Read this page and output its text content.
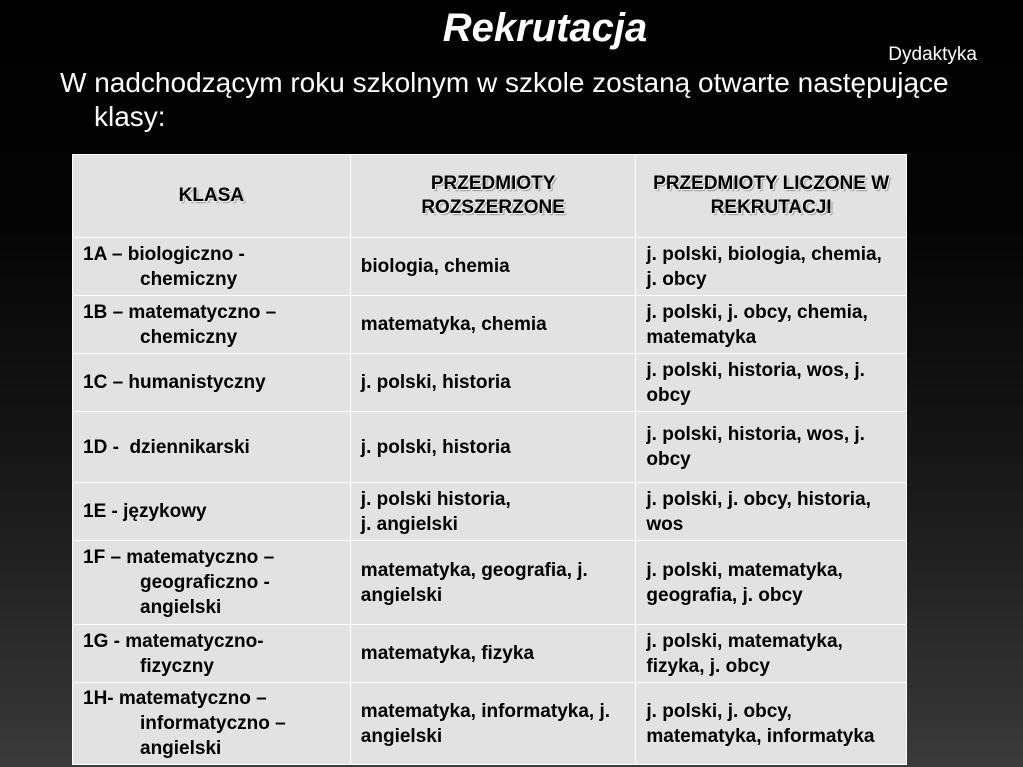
Rekrutacja
Dydaktyka
W nadchodzącym roku szkolnym w szkole zostaną otwarte następujące klasy:
KLASA	PRZEDMIOTY ROZSZERZONE	PRZEDMIOTY LICZONE W REKRUTACJI

1A – biologiczno - chemiczny	biologia, chemia	j. polski, biologia, chemia, j. obcy

1B – matematyczno – chemiczny	matematyka, chemia	j. polski, j. obcy, chemia, matematyka

1C – humanistyczny	j. polski, historia	j. polski, historia, wos, j. obcy

1D -  dziennikarski	j. polski, historia	j. polski, historia, wos, j. obcy

1E - językowy	j. polski historia,
j. angielski	j. polski, j. obcy, historia, wos

1F – matematyczno – geograficzno - angielski	matematyka, geografia, j. angielski	j. polski, matematyka, geografia, j. obcy

1G - matematyczno- fizyczny	matematyka, fizyka	j. polski, matematyka, fizyka, j. obcy

1H- matematyczno – informatyczno – angielski	matematyka, informatyka, j. angielski	j. polski, j. obcy, matematyka, informatyka
